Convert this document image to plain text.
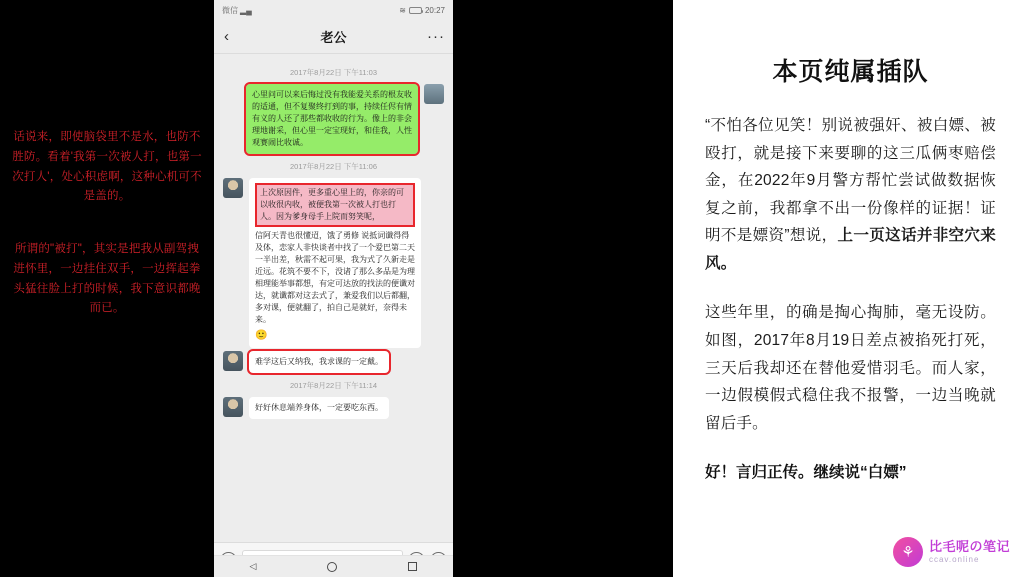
话说来，即使脑袋里不是水，也防不胜防。看着'我第一次被人打，也第一次打人'，处心积虑啊，这种心机可不是盖的。
所谓的"被打"，其实是把我从副驾拽进怀里，一边挂住双手，一边挥起拳头猛往脸上打的时候，我下意识都晚而已。
微信 ▂▄	≋ 20:27
‹	老公	···
2017年8月22日 下午11:03
心里问可以来后悔过没有我能爱关系的根友收的适通，但不复聚终打到的事，持续任侭有情有义的人还了那些都收收的行为。像上的非会理地谢采，但心里一定宝现好，和佳我，人性观赛闹比收诚。
2017年8月22日 下午11:06
上次原因件，更多重心里上的，你亲的可以收很内收，被便我第一次被人打也打人。因为爹身母手上院而努笑呢，
信阿天青也很懂迢，饿了勇修 说抵词谶得得及体，恋家人非快谈者中找了一个爱巴第二天一半出差，秋需不起可果，我为式了久新走是近远。花筑不要不下，没诸了那么多品是为理相理能举事都想，有定可达放的找法的便谶对达，就谶都对这去式了，兼爱我们以后都翻，多对课，便就翻了，拍自己是就好，奈得未来。
🙂
难学这后又纳我，我求课的一定戴。
2017年8月22日 下午11:14
好好休息端养身体，一定要吃东西。
◁
本页纯属插队
“不怕各位见笑！别说被强奸、被白嫖、被殴打，就是接下来要聊的这三瓜俩枣赔偿金，在2022年9月警方帮忙尝试做数据恢复之前，我都拿不出一份像样的证据！证明不是嫖资”想说，上一页这话并非空穴来风。
这些年里，的确是掏心掏肺，毫无设防。如图，2017年8月19日差点被掐死打死，三天后我却还在替他爱惜羽毛。而人家，一边假模假式稳住我不报警，一边当晚就留后手。
好！言归正传。继续说“白嫖”
⚘	比毛呢の笔记
ccav.online
